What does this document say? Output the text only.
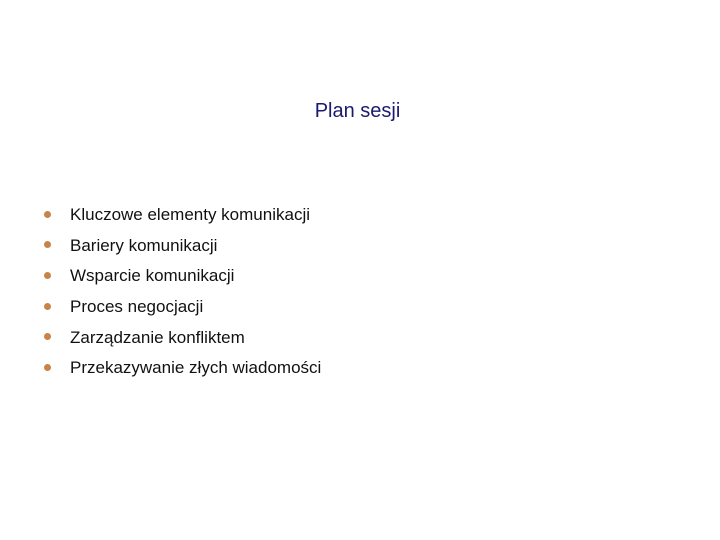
Plan sesji
Kluczowe elementy komunikacji
Bariery komunikacji
Wsparcie komunikacji
Proces negocjacji
Zarządzanie konfliktem
Przekazywanie złych wiadomości
